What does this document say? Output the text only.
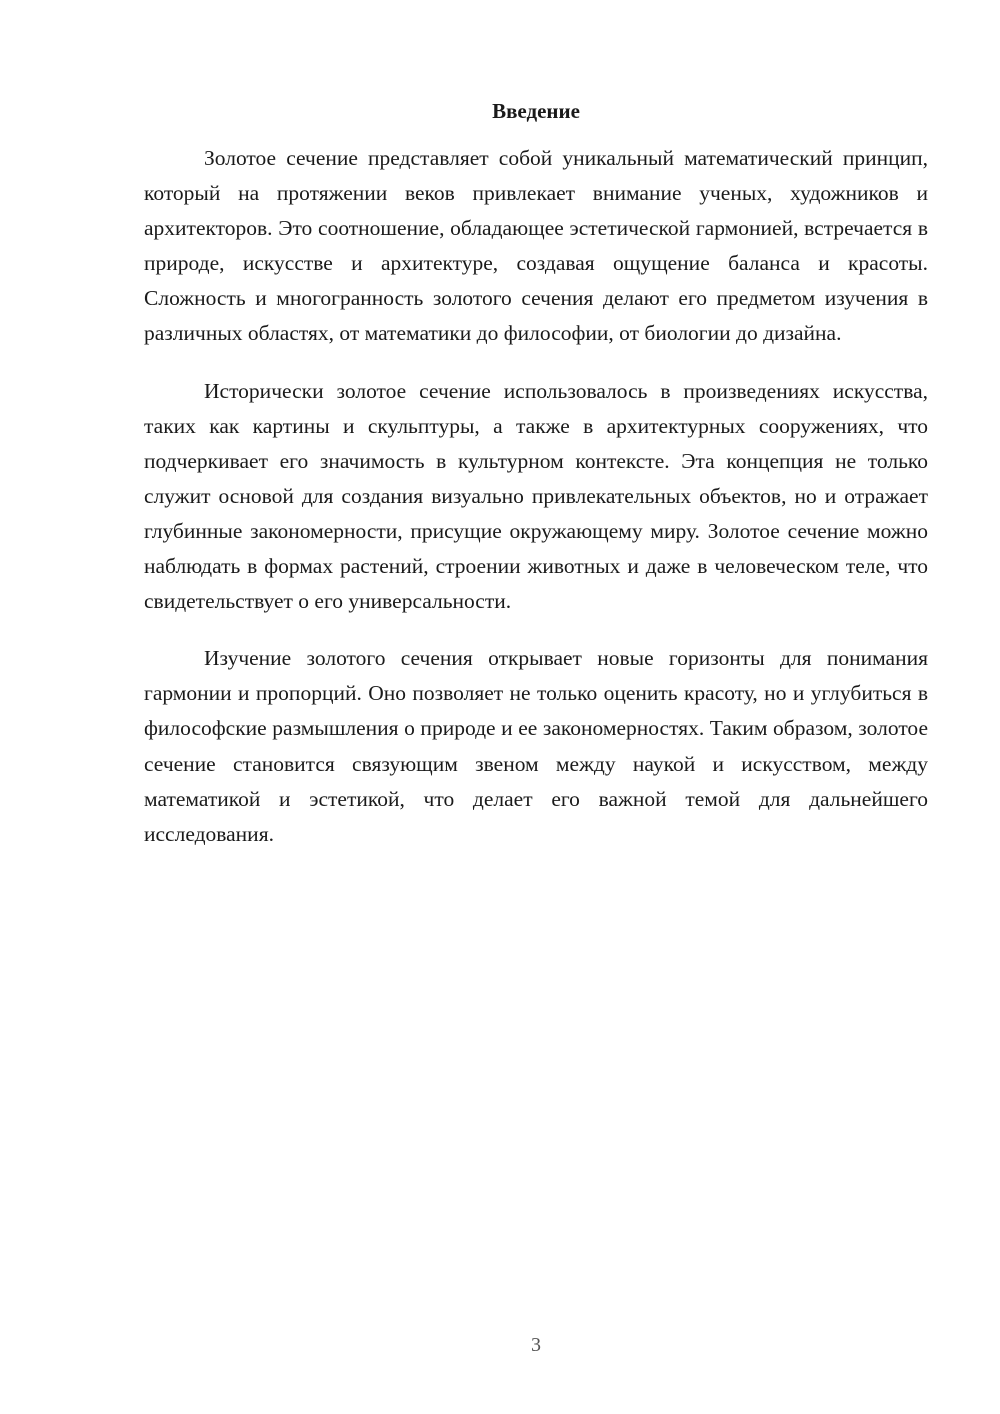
Введение

Золотое сечение представляет собой уникальный математический принцип, который на протяжении веков привлекает внимание ученых, художников и архитекторов. Это соотношение, обладающее эстетической гармонией, встречается в природе, искусстве и архитектуре, создавая ощущение баланса и красоты. Сложность и многогранность золотого сечения делают его предметом изучения в различных областях, от математики до философии, от биологии до дизайна.

Исторически золотое сечение использовалось в произведениях искусства, таких как картины и скульптуры, а также в архитектурных сооружениях, что подчеркивает его значимость в культурном контексте. Эта концепция не только служит основой для создания визуально привлекательных объектов, но и отражает глубинные закономерности, присущие окружающему миру. Золотое сечение можно наблюдать в формах растений, строении животных и даже в человеческом теле, что свидетельствует о его универсальности.

Изучение золотого сечения открывает новые горизонты для понимания гармонии и пропорций. Оно позволяет не только оценить красоту, но и углубиться в философские размышления о природе и ее закономерностях. Таким образом, золотое сечение становится связующим звеном между наукой и искусством, между математикой и эстетикой, что делает его важной темой для дальнейшего исследования.

3
